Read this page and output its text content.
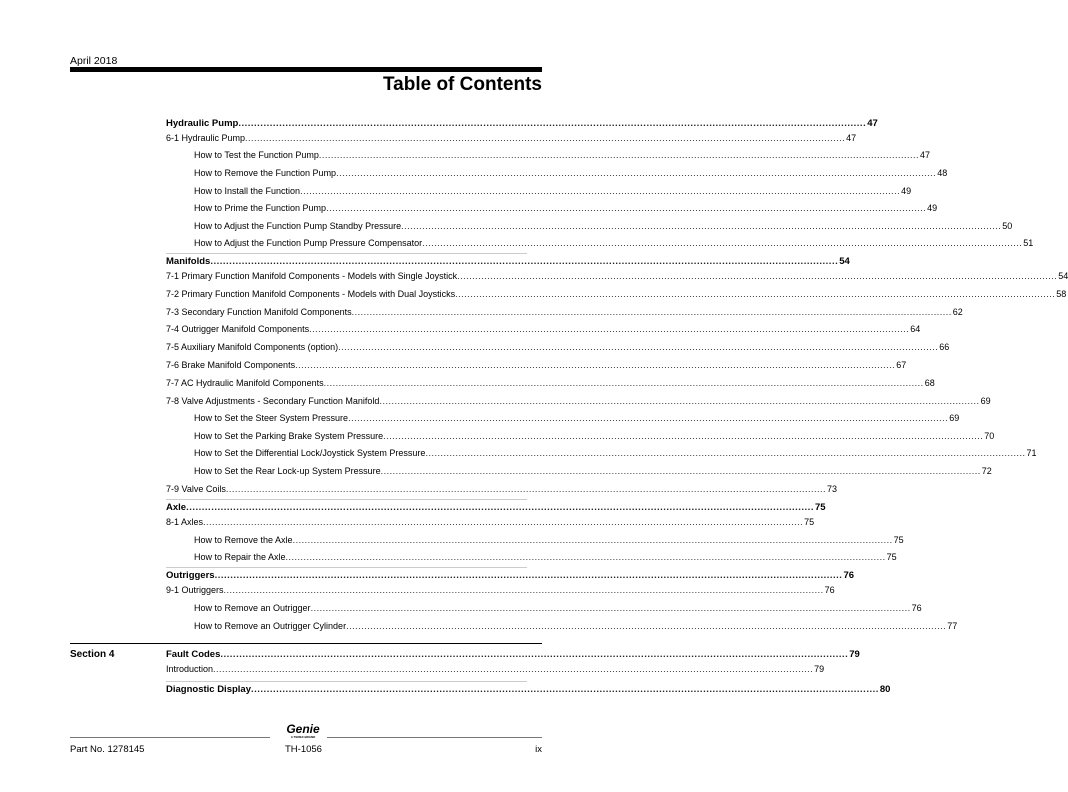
April 2018
Table of Contents
Hydraulic Pump ........................................................................................................................................................................................................ 47
6-1 Hydraulic Pump ........................................................................................................................................................................................................ 47
How to Test the Function Pump ........................................................................................................................................................................................................ 47
How to Remove the Function Pump ........................................................................................................................................................................................................ 48
How to Install the Function ........................................................................................................................................................................................................ 49
How to Prime the Function Pump ........................................................................................................................................................................................................ 49
How to Adjust the Function Pump Standby Pressure ........................................................................................................................................................................................................ 50
How to Adjust the Function Pump Pressure Compensator ........................................................................................................................................................................................................ 51
Manifolds ........................................................................................................................................................................................................ 54
7-1 Primary Function Manifold Components - Models with Single Joystick ........................................................................................................................................................................................................ 54
7-2 Primary Function Manifold Components - Models with Dual Joysticks ........................................................................................................................................................................................................ 58
7-3 Secondary Function Manifold Components ........................................................................................................................................................................................................ 62
7-4 Outrigger Manifold Components ........................................................................................................................................................................................................ 64
7-5 Auxiliary Manifold Components (option) ........................................................................................................................................................................................................ 66
7-6 Brake Manifold Components ........................................................................................................................................................................................................ 67
7-7 AC Hydraulic Manifold Components ........................................................................................................................................................................................................ 68
7-8 Valve Adjustments - Secondary Function Manifold ........................................................................................................................................................................................................ 69
How to Set the Steer System Pressure ........................................................................................................................................................................................................ 69
How to Set the Parking Brake System Pressure ........................................................................................................................................................................................................ 70
How to Set the Differential Lock/Joystick System Pressure ........................................................................................................................................................................................................ 71
How to Set the Rear Lock-up System Pressure ........................................................................................................................................................................................................ 72
7-9 Valve Coils ........................................................................................................................................................................................................ 73
Axle ........................................................................................................................................................................................................ 75
8-1 Axles ........................................................................................................................................................................................................ 75
How to Remove the Axle ........................................................................................................................................................................................................ 75
How to Repair the Axle ........................................................................................................................................................................................................ 75
Outriggers ........................................................................................................................................................................................................ 76
9-1 Outriggers ........................................................................................................................................................................................................ 76
How to Remove an Outrigger ........................................................................................................................................................................................................ 76
How to Remove an Outrigger Cylinder ........................................................................................................................................................................................................ 77
Fault Codes ........................................................................................................................................................................................................ 79
Introduction ........................................................................................................................................................................................................ 79
Diagnostic Display ........................................................................................................................................................................................................ 80
Section 4
Genie
A TEREX BRAND
Part No. 1278145	TH-1056	ix
